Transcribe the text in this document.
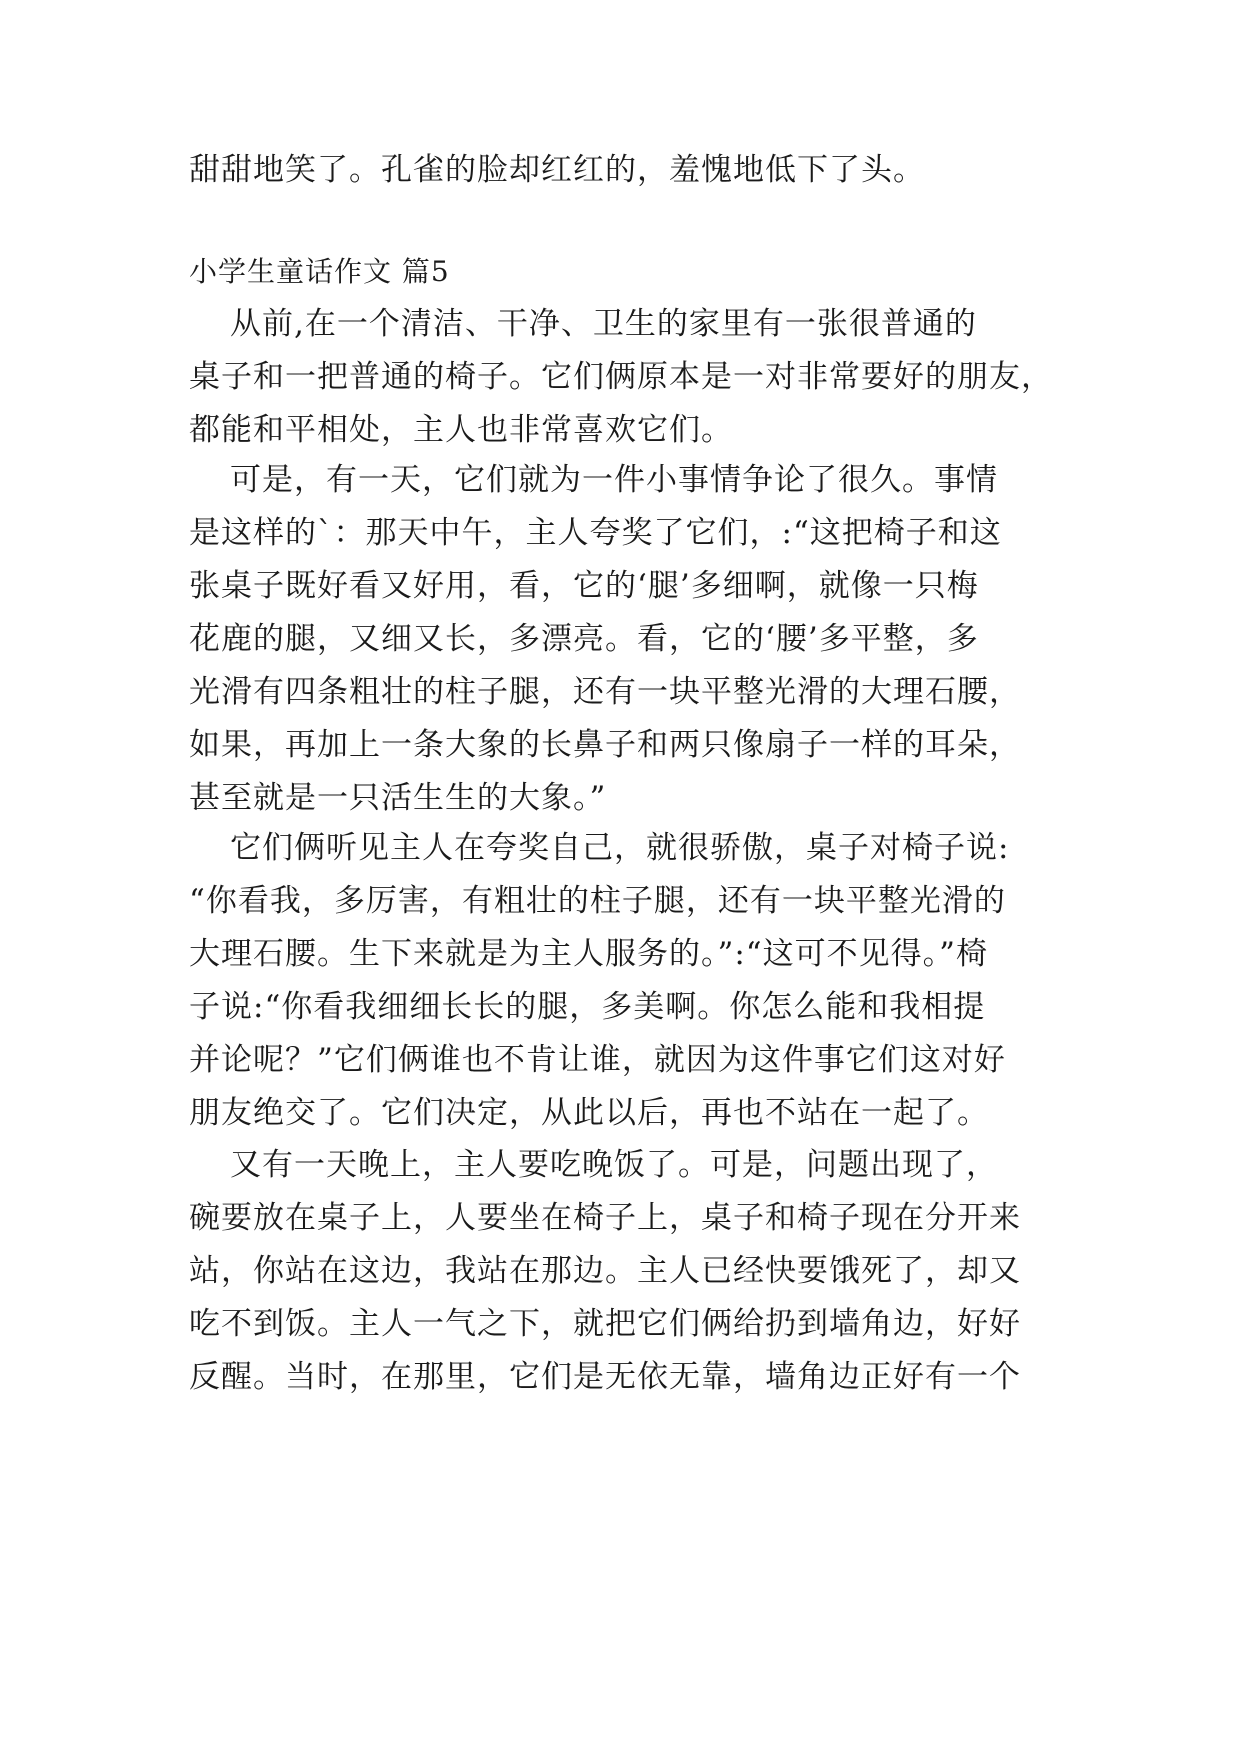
甜甜地笑了。孔雀的脸却红红的，羞愧地低下了头。
小学生童话作文 篇5
从前,在一个清洁、干净、卫生的家里有一张很普通的
桌子和一把普通的椅子。它们俩原本是一对非常要好的朋友，
都能和平相处，主人也非常喜欢它们。
可是，有一天，它们就为一件小事情争论了很久。事情
是这样的`：那天中午，主人夸奖了它们，:“这把椅子和这
张桌子既好看又好用，看，它的‘腿’多细啊，就像一只梅
花鹿的腿，又细又长，多漂亮。看，它的‘腰’多平整，多
光滑有四条粗壮的柱子腿，还有一块平整光滑的大理石腰，
如果，再加上一条大象的长鼻子和两只像扇子一样的耳朵，
甚至就是一只活生生的大象。”
它们俩听见主人在夸奖自己，就很骄傲，桌子对椅子说:
“你看我，多厉害，有粗壮的柱子腿，还有一块平整光滑的
大理石腰。生下来就是为主人服务的。”:“这可不见得。”椅
子说:“你看我细细长长的腿，多美啊。你怎么能和我相提
并论呢？”它们俩谁也不肯让谁，就因为这件事它们这对好
朋友绝交了。它们决定，从此以后，再也不站在一起了。
又有一天晚上，主人要吃晚饭了。可是，问题出现了，
碗要放在桌子上，人要坐在椅子上，桌子和椅子现在分开来
站，你站在这边，我站在那边。主人已经快要饿死了，却又
吃不到饭。主人一气之下，就把它们俩给扔到墙角边，好好
反醒。当时，在那里，它们是无依无靠，墙角边正好有一个
